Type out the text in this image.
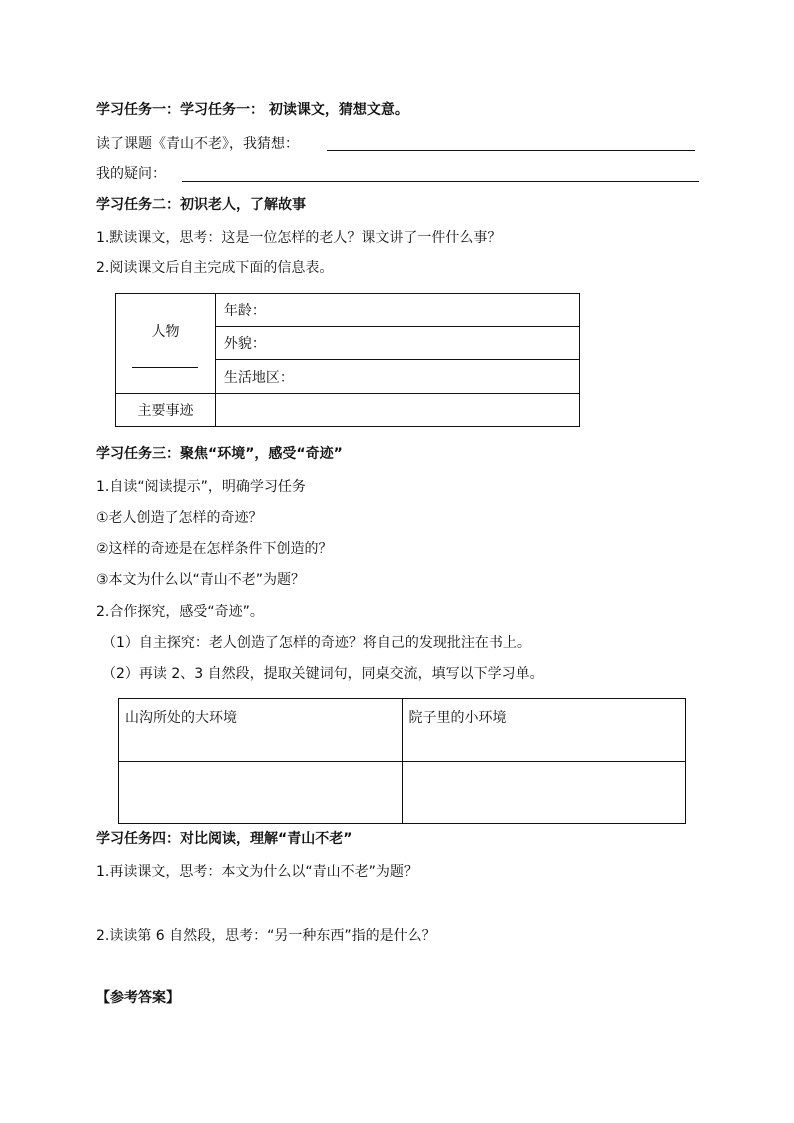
学习任务一：学习任务一： 初读课文，猜想文意。
读了课题《青山不老》，我猜想：
我的疑问：
学习任务二：初识老人，了解故事
1.默读课文，思考：这是一位怎样的老人？课文讲了一件什么事？
2.阅读课文后自主完成下面的信息表。
人物	年龄：
	外貌：
	生活地区：
主要事迹	
学习任务三：聚焦“环境”，感受“奇迹”
1.自读“阅读提示”，明确学习任务
①老人创造了怎样的奇迹？
②这样的奇迹是在怎样条件下创造的？
③本文为什么以“青山不老”为题？
2.合作探究，感受“奇迹”。
（1）自主探究：老人创造了怎样的奇迹？将自己的发现批注在书上。
（2）再读 2、3 自然段，提取关键词句，同桌交流，填写以下学习单。
山沟所处的大环境	院子里的小环境

学习任务四：对比阅读，理解“青山不老”
1.再读课文，思考：本文为什么以“青山不老”为题？
2.读读第 6 自然段，思考：“另一种东西”指的是什么？
【参考答案】
